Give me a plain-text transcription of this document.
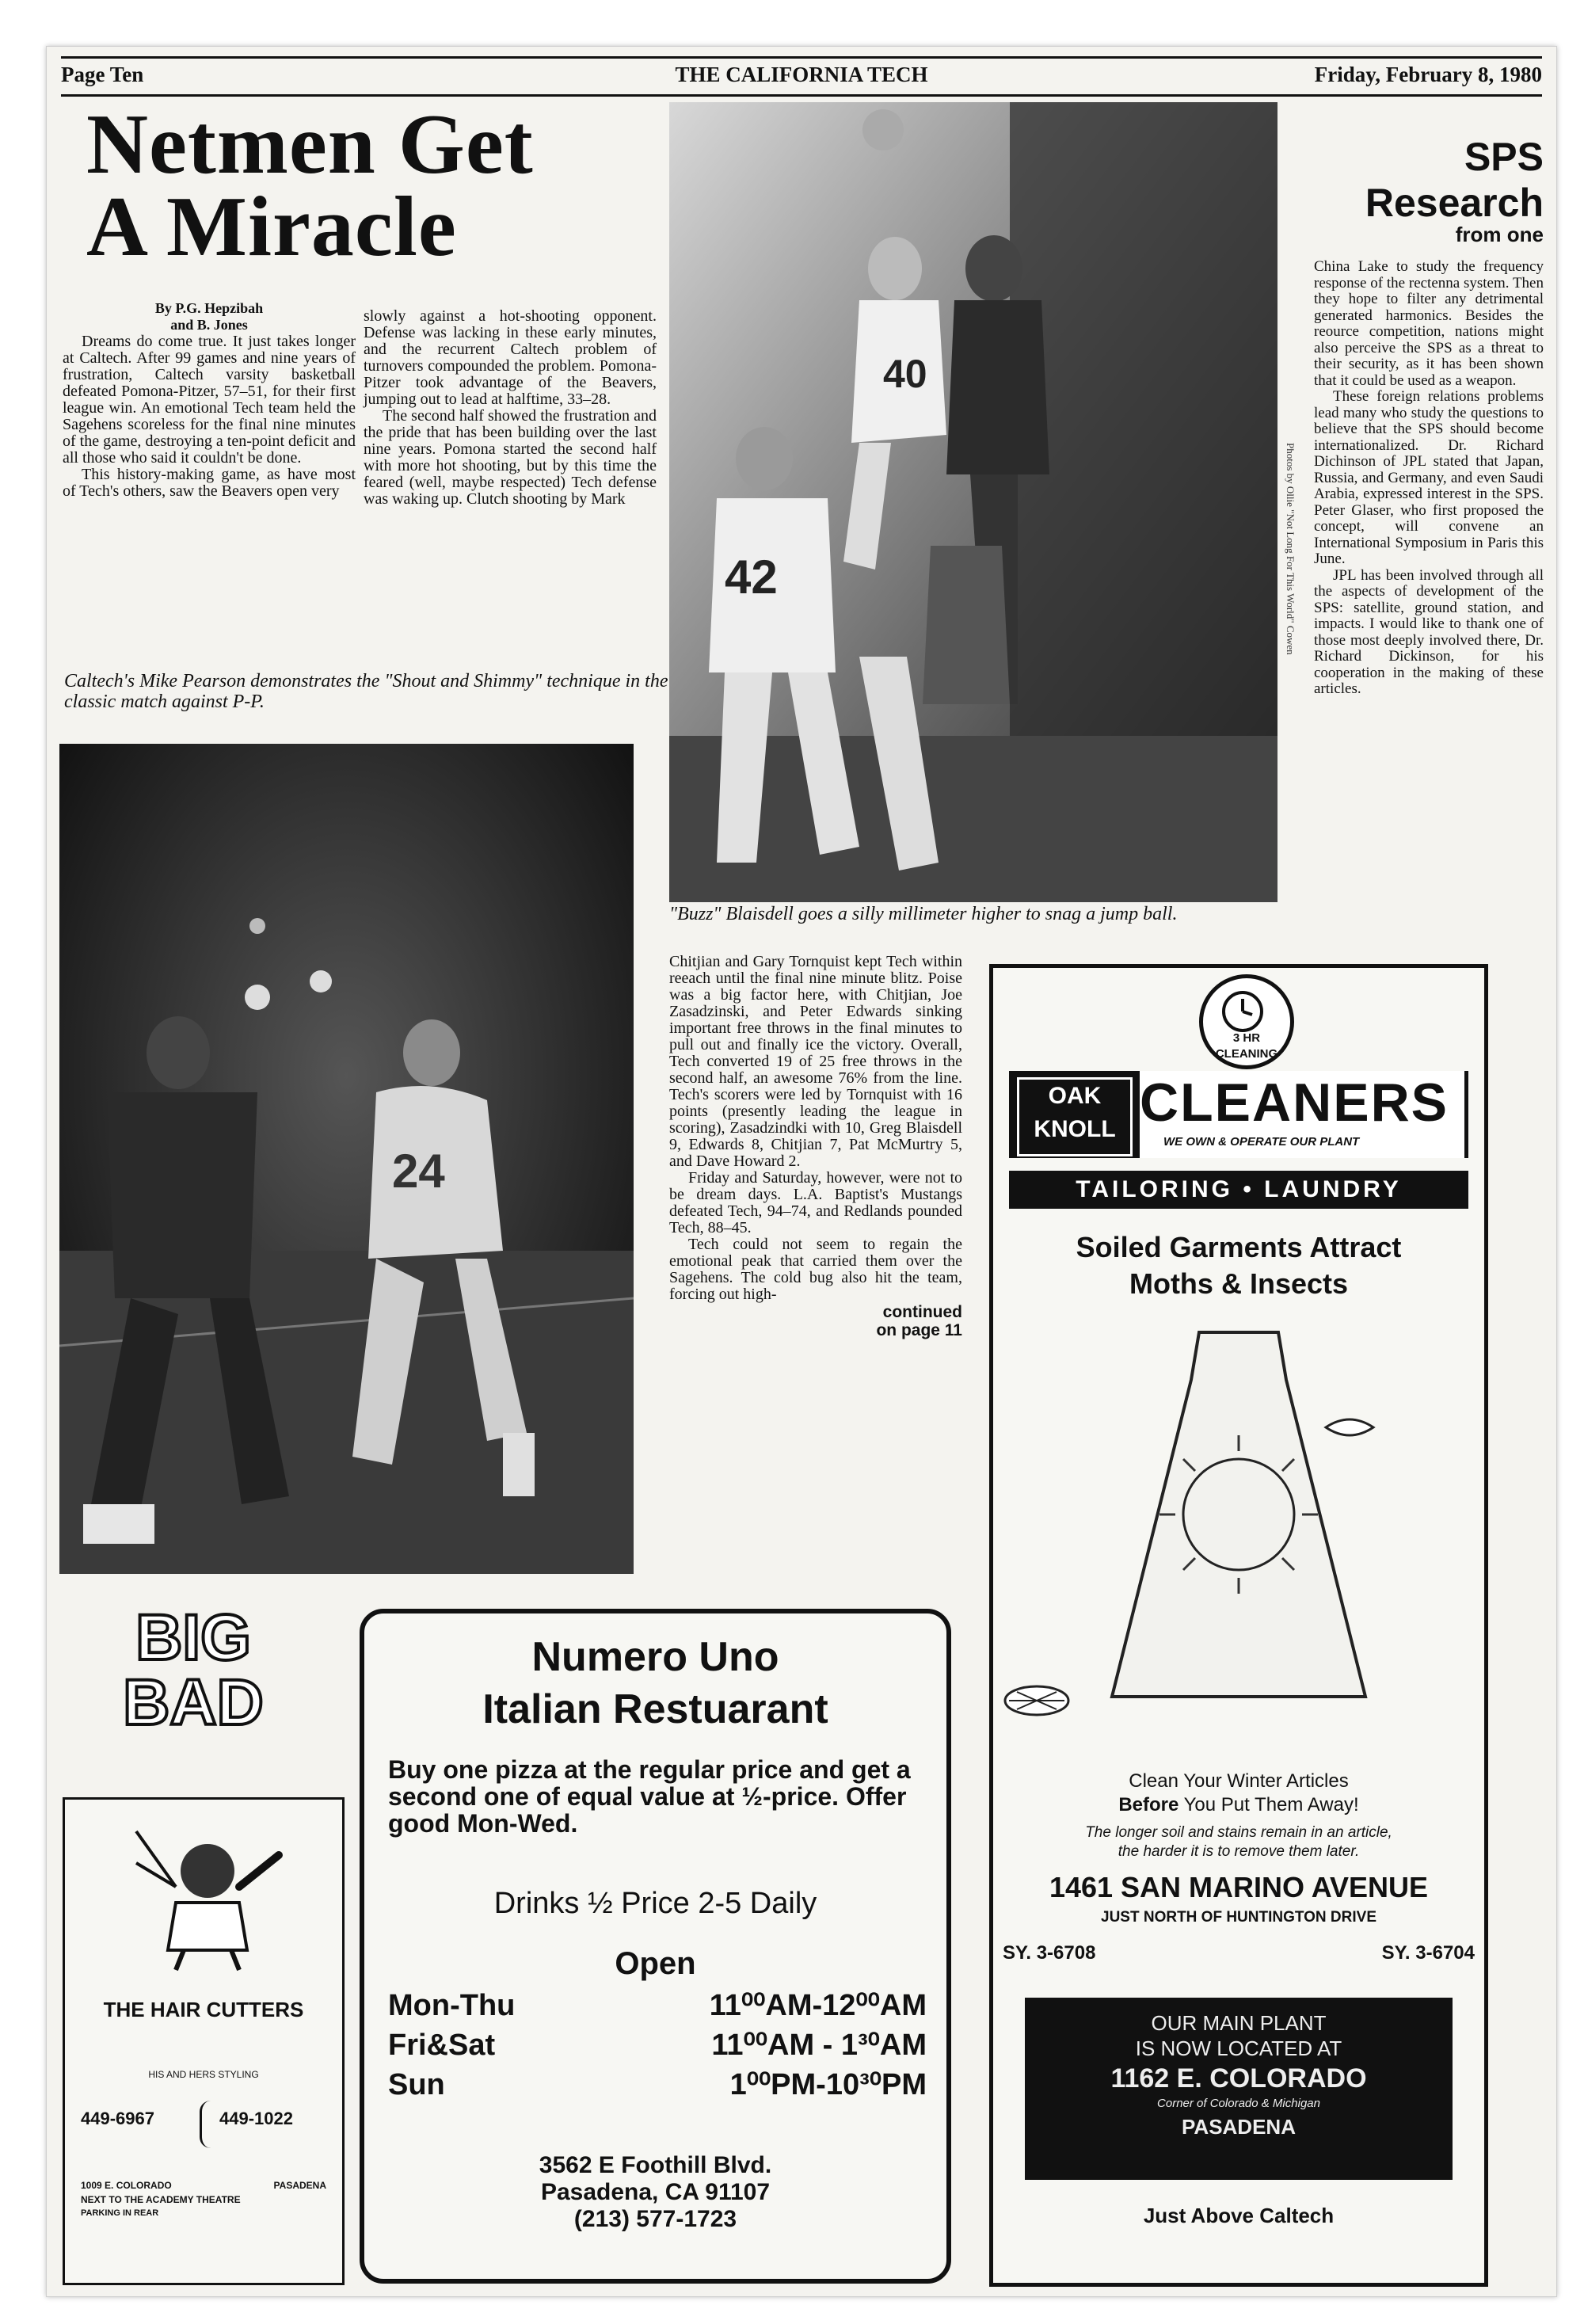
Page Ten	THE CALIFORNIA TECH	Friday, February 8, 1980
Netmen Get
A Miracle
By P.G. Hepzibah
and B. Jones

Dreams do come true. It just takes longer at Caltech. After 99 games and nine years of frustration, Caltech varsity basketball defeated Pomona-Pitzer, 57–51, for their first league win. An emotional Tech team held the Sagehens scoreless for the final nine minutes of the game, destroying a ten-point deficit and all those who said it couldn't be done.

This history-making game, as have most of Tech's others, saw the Beavers open very

slowly against a hot-shooting opponent. Defense was lacking in these early minutes, and the recurrent Caltech problem of turnovers compounded the problem. Pomona-Pitzer took advantage of the Beavers, jumping out to lead at halftime, 33–28.

The second half showed the frustration and the pride that has been building over the last nine years. Pomona started the second half with more hot shooting, but by this time the feared (well, maybe respected) Tech defense was waking up. Clutch shooting by Mark

Caltech's Mike Pearson demonstrates the "Shout and Shimmy" technique in the classic match against P-P.
24
40
42	Photos by Ollie "Not Long For This World" Cowen
"Buzz" Blaisdell goes a silly millimeter higher to snag a jump ball.

Chitjian and Gary Tornquist kept Tech within reeach until the final nine minute blitz. Poise was a big factor here, with Chitjian, Joe Zasadzinski, and Peter Edwards sinking important free throws in the final minutes to pull out and finally ice the victory. Overall, Tech converted 19 of 25 free throws in the second half, an awesome 76% from the line. Tech's scorers were led by Tornquist with 16 points (presently leading the league in scoring), Zasadzindki with 10, Greg Blaisdell 9, Edwards 8, Chitjian 7, Pat McMurtry 5, and Dave Howard 2.

Friday and Saturday, however, were not to be dream days. L.A. Baptist's Mustangs defeated Tech, 94–74, and Redlands pounded Tech, 88–45.

Tech could not seem to regain the emotional peak that carried them over the Sagehens. The cold bug also hit the team, forcing out high-

continued
on page 11
SPS Research
from one

China Lake to study the frequency response of the rectenna system. Then they hope to filter any detrimental generated harmonics. Besides the reource competition, nations might also perceive the SPS as a threat to their security, as it has been shown that it could be used as a weapon.

These foreign relations problems lead many who study the questions to believe that the SPS should become internationalized. Dr. Richard Dichinson of JPL stated that Japan, Russia, and Germany, and even Saudi Arabia, expressed interest in the SPS. Peter Glaser, who first proposed the concept, will convene an International Symposium in Paris this June.

JPL has been involved through all the aspects of development of the SPS: satellite, ground station, and impacts. I would like to thank one of those most deeply involved there, Dr. Richard Dickinson, for his cooperation in the making of these articles.

3 HR CLEANING
OAK
KNOLL CLEANERS
WE OWN & OPERATE OUR PLANT
TAILORING • LAUNDRY
Soiled Garments Attract
Moths & Insects
Clean Your Winter Articles
Before You Put Them Away!
The longer soil and stains remain in an article,
the harder it is to remove them later.
1461 SAN MARINO AVENUE
JUST NORTH OF HUNTINGTON DRIVE
SY. 3-6708	SY. 3-6704
OUR MAIN PLANT
IS NOW LOCATED AT
1162 E. COLORADO
Corner of Colorado & Michigan
PASADENA
Just Above Caltech
BIG
BAD
THE HAIR CUTTERS
HIS AND HERS STYLING
449-6967	449-1022
1009 E. COLORADO	PASADENA
NEXT TO THE ACADEMY THEATRE
PARKING IN REAR
Numero Uno
Italian Restuarant
Buy one pizza at the regular price and get a second one of equal value at ½-price. Offer good Mon-Wed.
Drinks ½ Price 2-5 Daily
Open
Mon-Thu	11⁰⁰AM-12⁰⁰AM
Fri&Sat	11⁰⁰AM - 1³⁰AM
Sun	1⁰⁰PM-10³⁰PM
3562 E Foothill Blvd.
Pasadena, CA 91107
(213) 577-1723
